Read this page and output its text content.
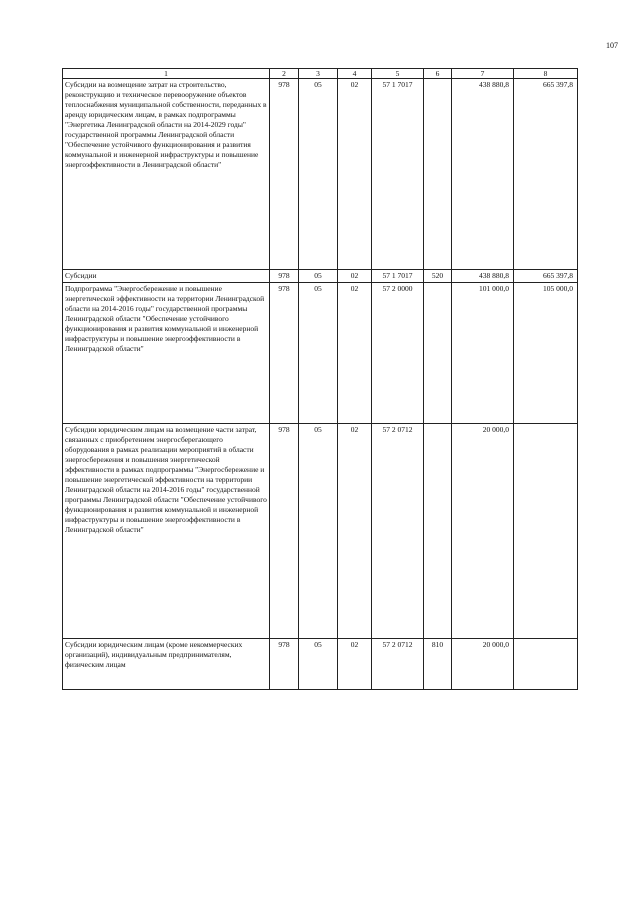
107
1	2	3	4	5	6	7	8
Субсидии на возмещение затрат на строительство, реконструкцию и техническое перевооружение объектов теплоснабжения муниципальной собственности, переданных в аренду юридическим лицам, в рамках подпрограммы "Энергетика Ленинградской области на 2014-2029 годы" государственной программы Ленинградской области "Обеспечение устойчивого функционирования и развития коммунальной и инженерной инфраструктуры и повышение энергоэффективности в Ленинградской области"	978	05	02	57 1 7017		438 880,8	665 397,8
Субсидии	978	05	02	57 1 7017	520	438 880,8	665 397,8
Подпрограмма "Энергосбережение и повышение энергетической эффективности на территории Ленинградской области на 2014-2016 годы" государственной программы Ленинградской области "Обеспечение устойчивого функционирования и развития коммунальной и инженерной инфраструктуры и повышение энергоэффективности в Ленинградской области"	978	05	02	57 2 0000		101 000,0	105 000,0
Субсидии юридическим лицам на возмещение части затрат, связанных с приобретением энергосберегающего оборудования в рамках реализации мероприятий в области энергосбережения и повышения энергетической эффективности в рамках подпрограммы "Энергосбережение и повышение энергетической эффективности на территории Ленинградской области на 2014-2016 годы" государственной программы Ленинградской области "Обеспечение устойчивого функционирования и развития коммунальной и инженерной инфраструктуры и повышение энергоэффективности в Ленинградской области"	978	05	02	57 2 0712		20 000,0	
Субсидии юридическим лицам (кроме некоммерческих организаций), индивидуальным предпринимателям, физическим лицам	978	05	02	57 2 0712	810	20 000,0	
